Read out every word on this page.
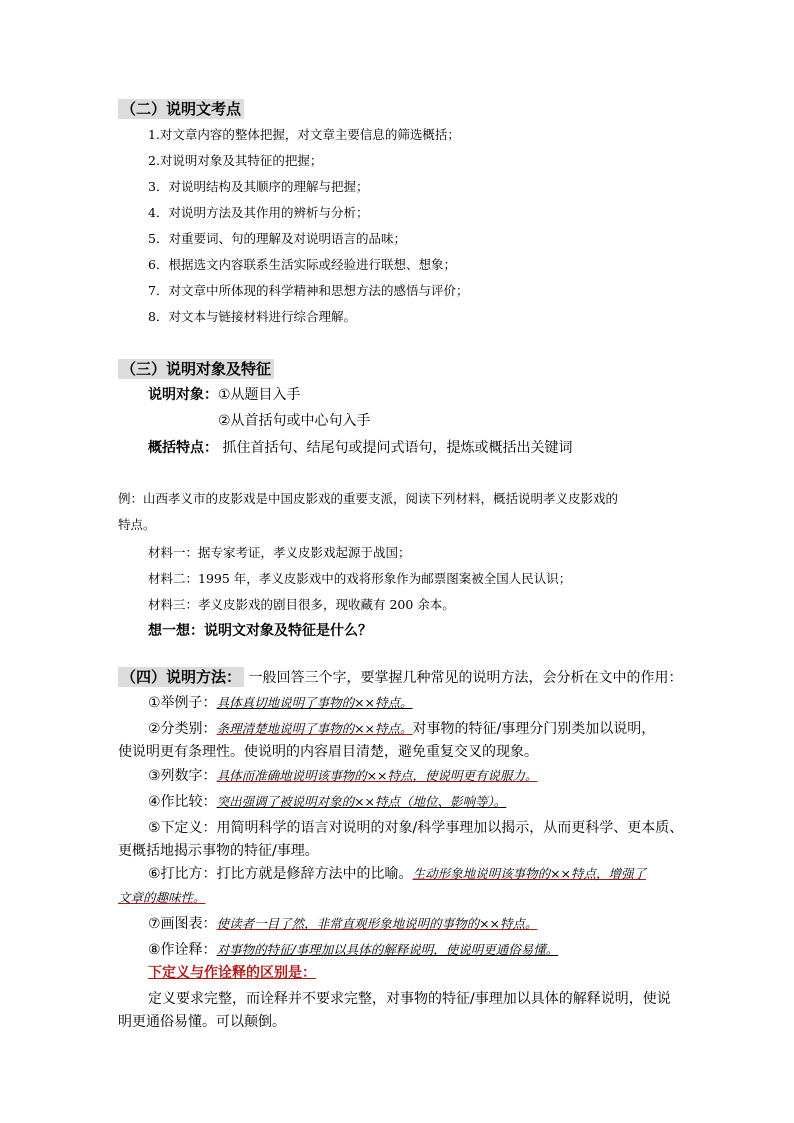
（二）说明文考点
1.对文章内容的整体把握，对文章主要信息的筛选概括；
2.对说明对象及其特征的把握；
3．对说明结构及其顺序的理解与把握；
4．对说明方法及其作用的辨析与分析；
5．对重要词、句的理解及对说明语言的品味；
6．根据选文内容联系生活实际或经验进行联想、想象；
7．对文章中所体现的科学精神和思想方法的感悟与评价；
8．对文本与链接材料进行综合理解。
（三）说明对象及特征
说明对象：①从题目入手
②从首括句或中心句入手
概括特点： 抓住首括句、结尾句或提问式语句，提炼或概括出关键词
例：山西孝义市的皮影戏是中国皮影戏的重要支派，阅读下列材料，概括说明孝义皮影戏的
特点。
材料一：据专家考证，孝义皮影戏起源于战国；
材料二：1995 年，孝义皮影戏中的戏将形象作为邮票图案被全国人民认识；
材料三：孝义皮影戏的剧目很多，现收藏有 200 余本。
想一想：说明文对象及特征是什么？
（四）说明方法： 一般回答三个字，要掌握几种常见的说明方法，会分析在文中的作用：
①举例子：具体真切地说明了事物的××特点。
②分类别：条理清楚地说明了事物的××特点。对事物的特征/事理分门别类加以说明，
使说明更有条理性。使说明的内容眉目清楚，避免重复交叉的现象。
③列数字：具体而准确地说明该事物的××特点，使说明更有说服力。
④作比较：突出强调了被说明对象的××特点（地位、影响等）。
⑤下定义：用简明科学的语言对说明的对象/科学事理加以揭示，从而更科学、更本质、
更概括地揭示事物的特征/事理。
⑥打比方：打比方就是修辞方法中的比喻。生动形象地说明该事物的××特点，增强了
文章的趣味性。
⑦画图表：使读者一目了然，非常直观形象地说明的事物的××特点。
⑧作诠释：对事物的特征/事理加以具体的解释说明，使说明更通俗易懂。
下定义与作诠释的区别是：
定义要求完整，而诠释并不要求完整，对事物的特征/事理加以具体的解释说明，使说
明更通俗易懂。可以颠倒。
